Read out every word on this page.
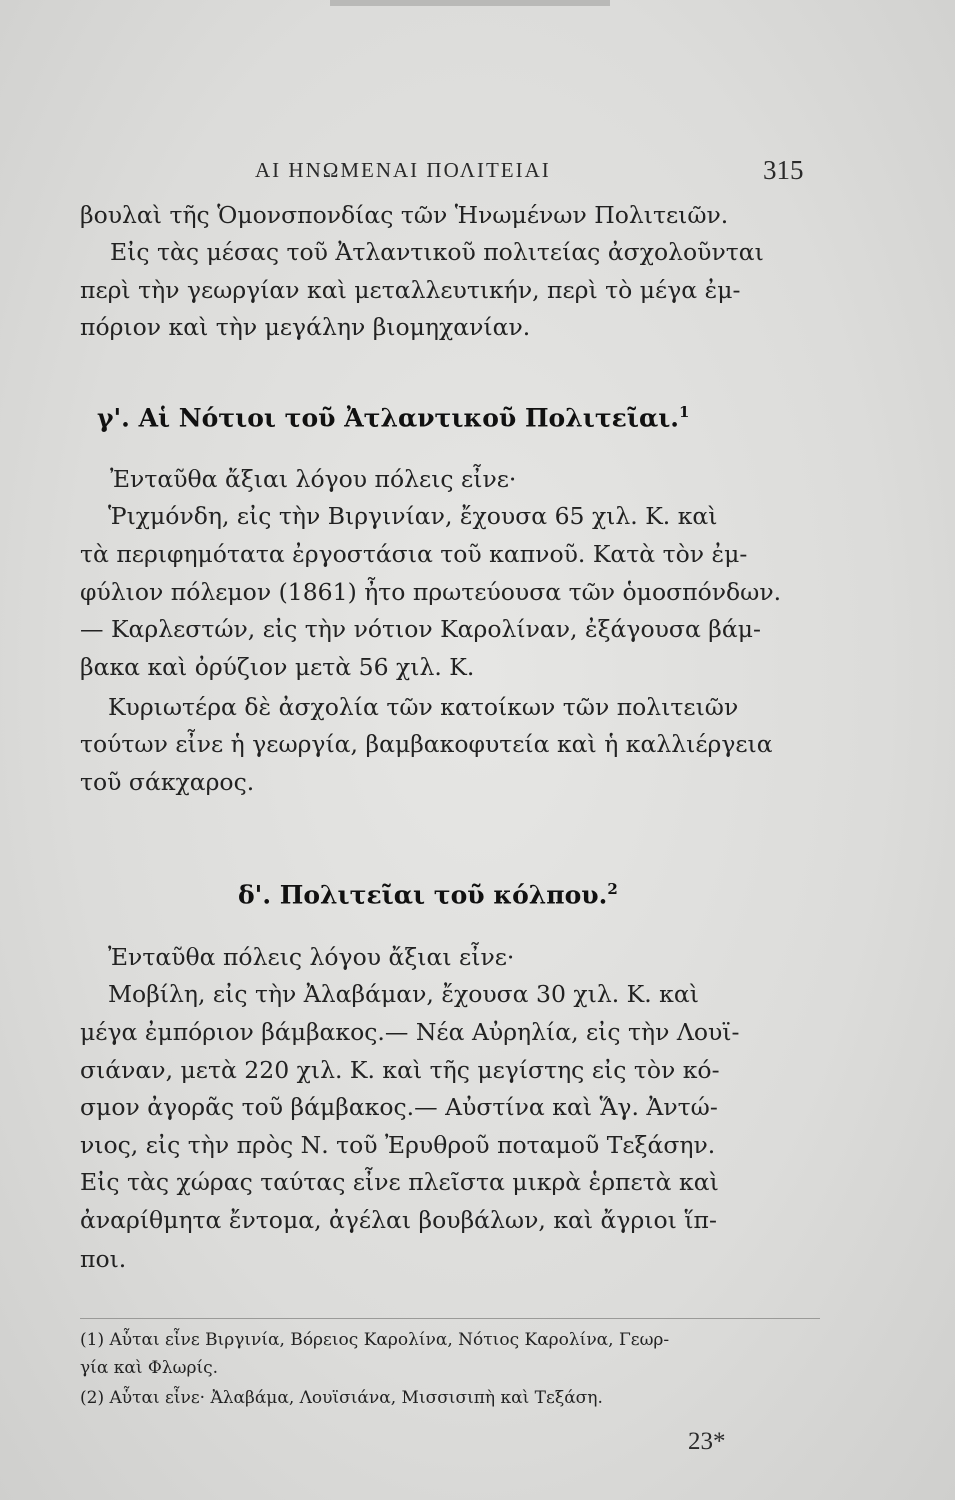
ΑΙ ΗΝΩΜΕΝΑΙ ΠΟΛΙΤΕΙΑΙ	315
βουλαὶ τῆς Ὁμονσπονδίας τῶν Ἡνωμένων Πολιτειῶν.
Εἰς τὰς μέσας τοῦ Ἀτλαντικοῦ πολιτείας ἀσχολοῦνται
περὶ τὴν γεωργίαν καὶ μεταλλευτικήν, περὶ τὸ μέγα ἐμ-
πόριον καὶ τὴν μεγάλην βιομηχανίαν.
γ'. Αἱ Νότιοι τοῦ Ἀτλαντικοῦ Πολιτεῖαι.$^1$
Ἐνταῦθα ἄξιαι λόγου πόλεις εἶνε·
Ῥιχμόνδη, εἰς τὴν Βιργινίαν, ἔχουσα 65 χιλ. Κ. καὶ
τὰ περιφημότατα ἐργοστάσια τοῦ καπνοῦ. Κατὰ τὸν ἐμ-
φύλιον πόλεμον (1861) ἦτο πρωτεύουσα τῶν ὁμοσπόνδων.
— Καρλεστών, εἰς τὴν νότιον Καρολίναν, ἐξάγουσα βάμ-
βακα καὶ ὀρύζιον μετὰ 56 χιλ. Κ.
Κυριωτέρα δὲ ἀσχολία τῶν κατοίκων τῶν πολιτειῶν
τούτων εἶνε ἡ γεωργία, βαμβακοφυτεία καὶ ἡ καλλιέργεια
τοῦ σάκχαρος.
δ'. Πολιτεῖαι τοῦ κόλπου.$^2$
Ἐνταῦθα πόλεις λόγου ἄξιαι εἶνε·
Μοβίλη, εἰς τὴν Ἀλαβάμαν, ἔχουσα 30 χιλ. Κ. καὶ
μέγα ἐμπόριον βάμβακος.— Νέα Αὐρηλία, εἰς τὴν Λουϊ-
σιάναν, μετὰ 220 χιλ. Κ. καὶ τῆς μεγίστης εἰς τὸν κό-
σμον ἀγορᾶς τοῦ βάμβακος.— Αὐστίνα καὶ Ἅγ. Ἀντώ-
νιος, εἰς τὴν πρὸς Ν. τοῦ Ἐρυθροῦ ποταμοῦ Τεξάσην.
Εἰς τὰς χώρας ταύτας εἶνε πλεῖστα μικρὰ ἑρπετὰ καὶ
ἀναρίθμητα ἔντομα, ἀγέλαι βουβάλων, καὶ ἄγριοι ἵπ-
ποι.
(1) Αὗται εἶνε Βιργινία, Βόρειος Καρολίνα, Νότιος Καρολίνα, Γεωρ-
γία καὶ Φλωρίς.
(2) Αὗται εἶνε· Ἀλαβάμα, Λουϊσιάνα, Μισσισιπὴ καὶ Τεξάση.
23*
